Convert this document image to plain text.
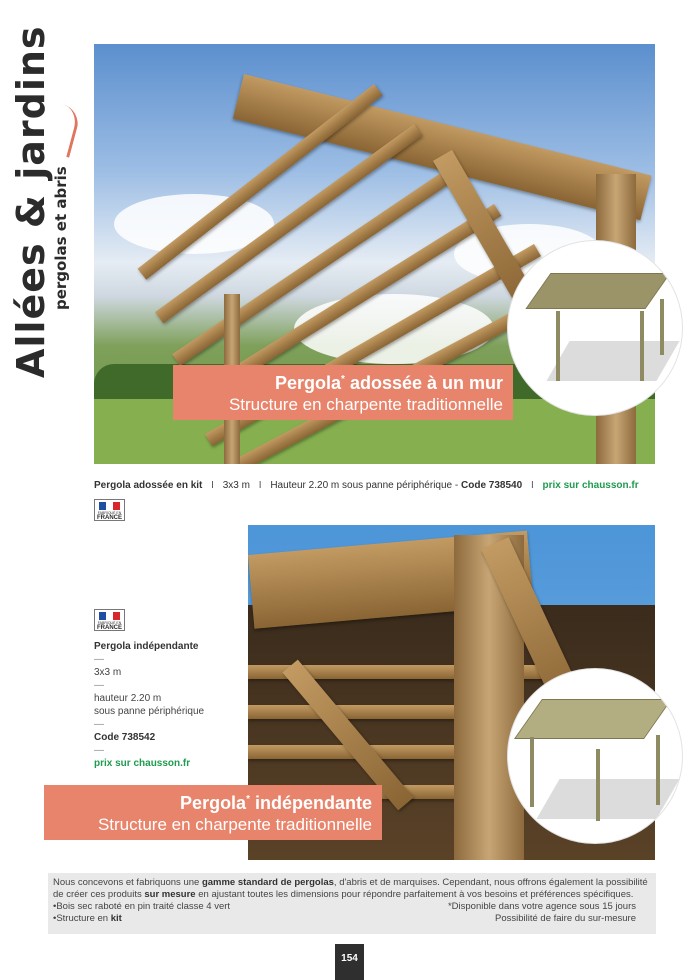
Allées & jardins pergolas et abris
Pergola* adossée à un mur
Structure en charpente traditionnelle
Pergola adossée en kit I 3x3 m I Hauteur 2.20 m sous panne périphérique - Code 738540 I prix sur chausson.fr
FABRIQUÉ EN
FRANCE
FABRIQUÉ EN
FRANCE
Pergola indépendante
—
3x3 m
—
hauteur 2.20 m
sous panne périphérique
—
Code 738542
—
prix sur chausson.fr
Pergola* indépendante
Structure en charpente traditionnelle
Nous concevons et fabriquons une gamme standard de pergolas, d'abris et de marquises. Cependant, nous offrons également la possibilité
de créer ces produits sur mesure en ajustant toutes les dimensions pour répondre parfaitement à vos besoins et préférences spécifiques.
•Bois sec raboté en pin traité classe 4 vert
•Structure en kit
*Disponible dans votre agence sous 15 jours
Possibilité de faire du sur-mesure
154
